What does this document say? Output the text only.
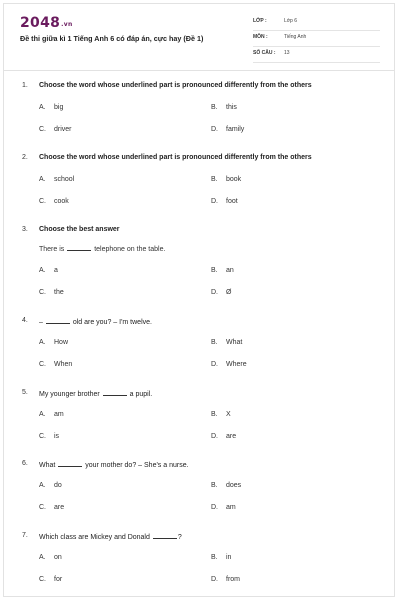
2048.vn
Đề thi giữa kì 1 Tiếng Anh 6 có đáp án, cực hay (Đề 1)
LỚP :	Lớp 6
MÔN :	Tiếng Anh
SỐ CÂU : 13
1. Choose the word whose underlined part is pronounced differently from the others
A. big	B. this
C. driver	D. family
2. Choose the word whose underlined part is pronounced differently from the others
A. school	B. book
C. cook	D. foot
3. Choose the best answer
There is	telephone on the table.
A. a	B. an
C. the	D. Ø
4. –	old are you? – I'm twelve.
A. How	B. What
C. When	D. Where
5. My younger brother	a pupil.
A. am	B. X
C. is	D. are
6. What	your mother do? – She's a nurse.
A. do	B. does
C. are	D. am
7. Which class are Mickey and Donald	?
A. on	B. in
C. for	D. from
